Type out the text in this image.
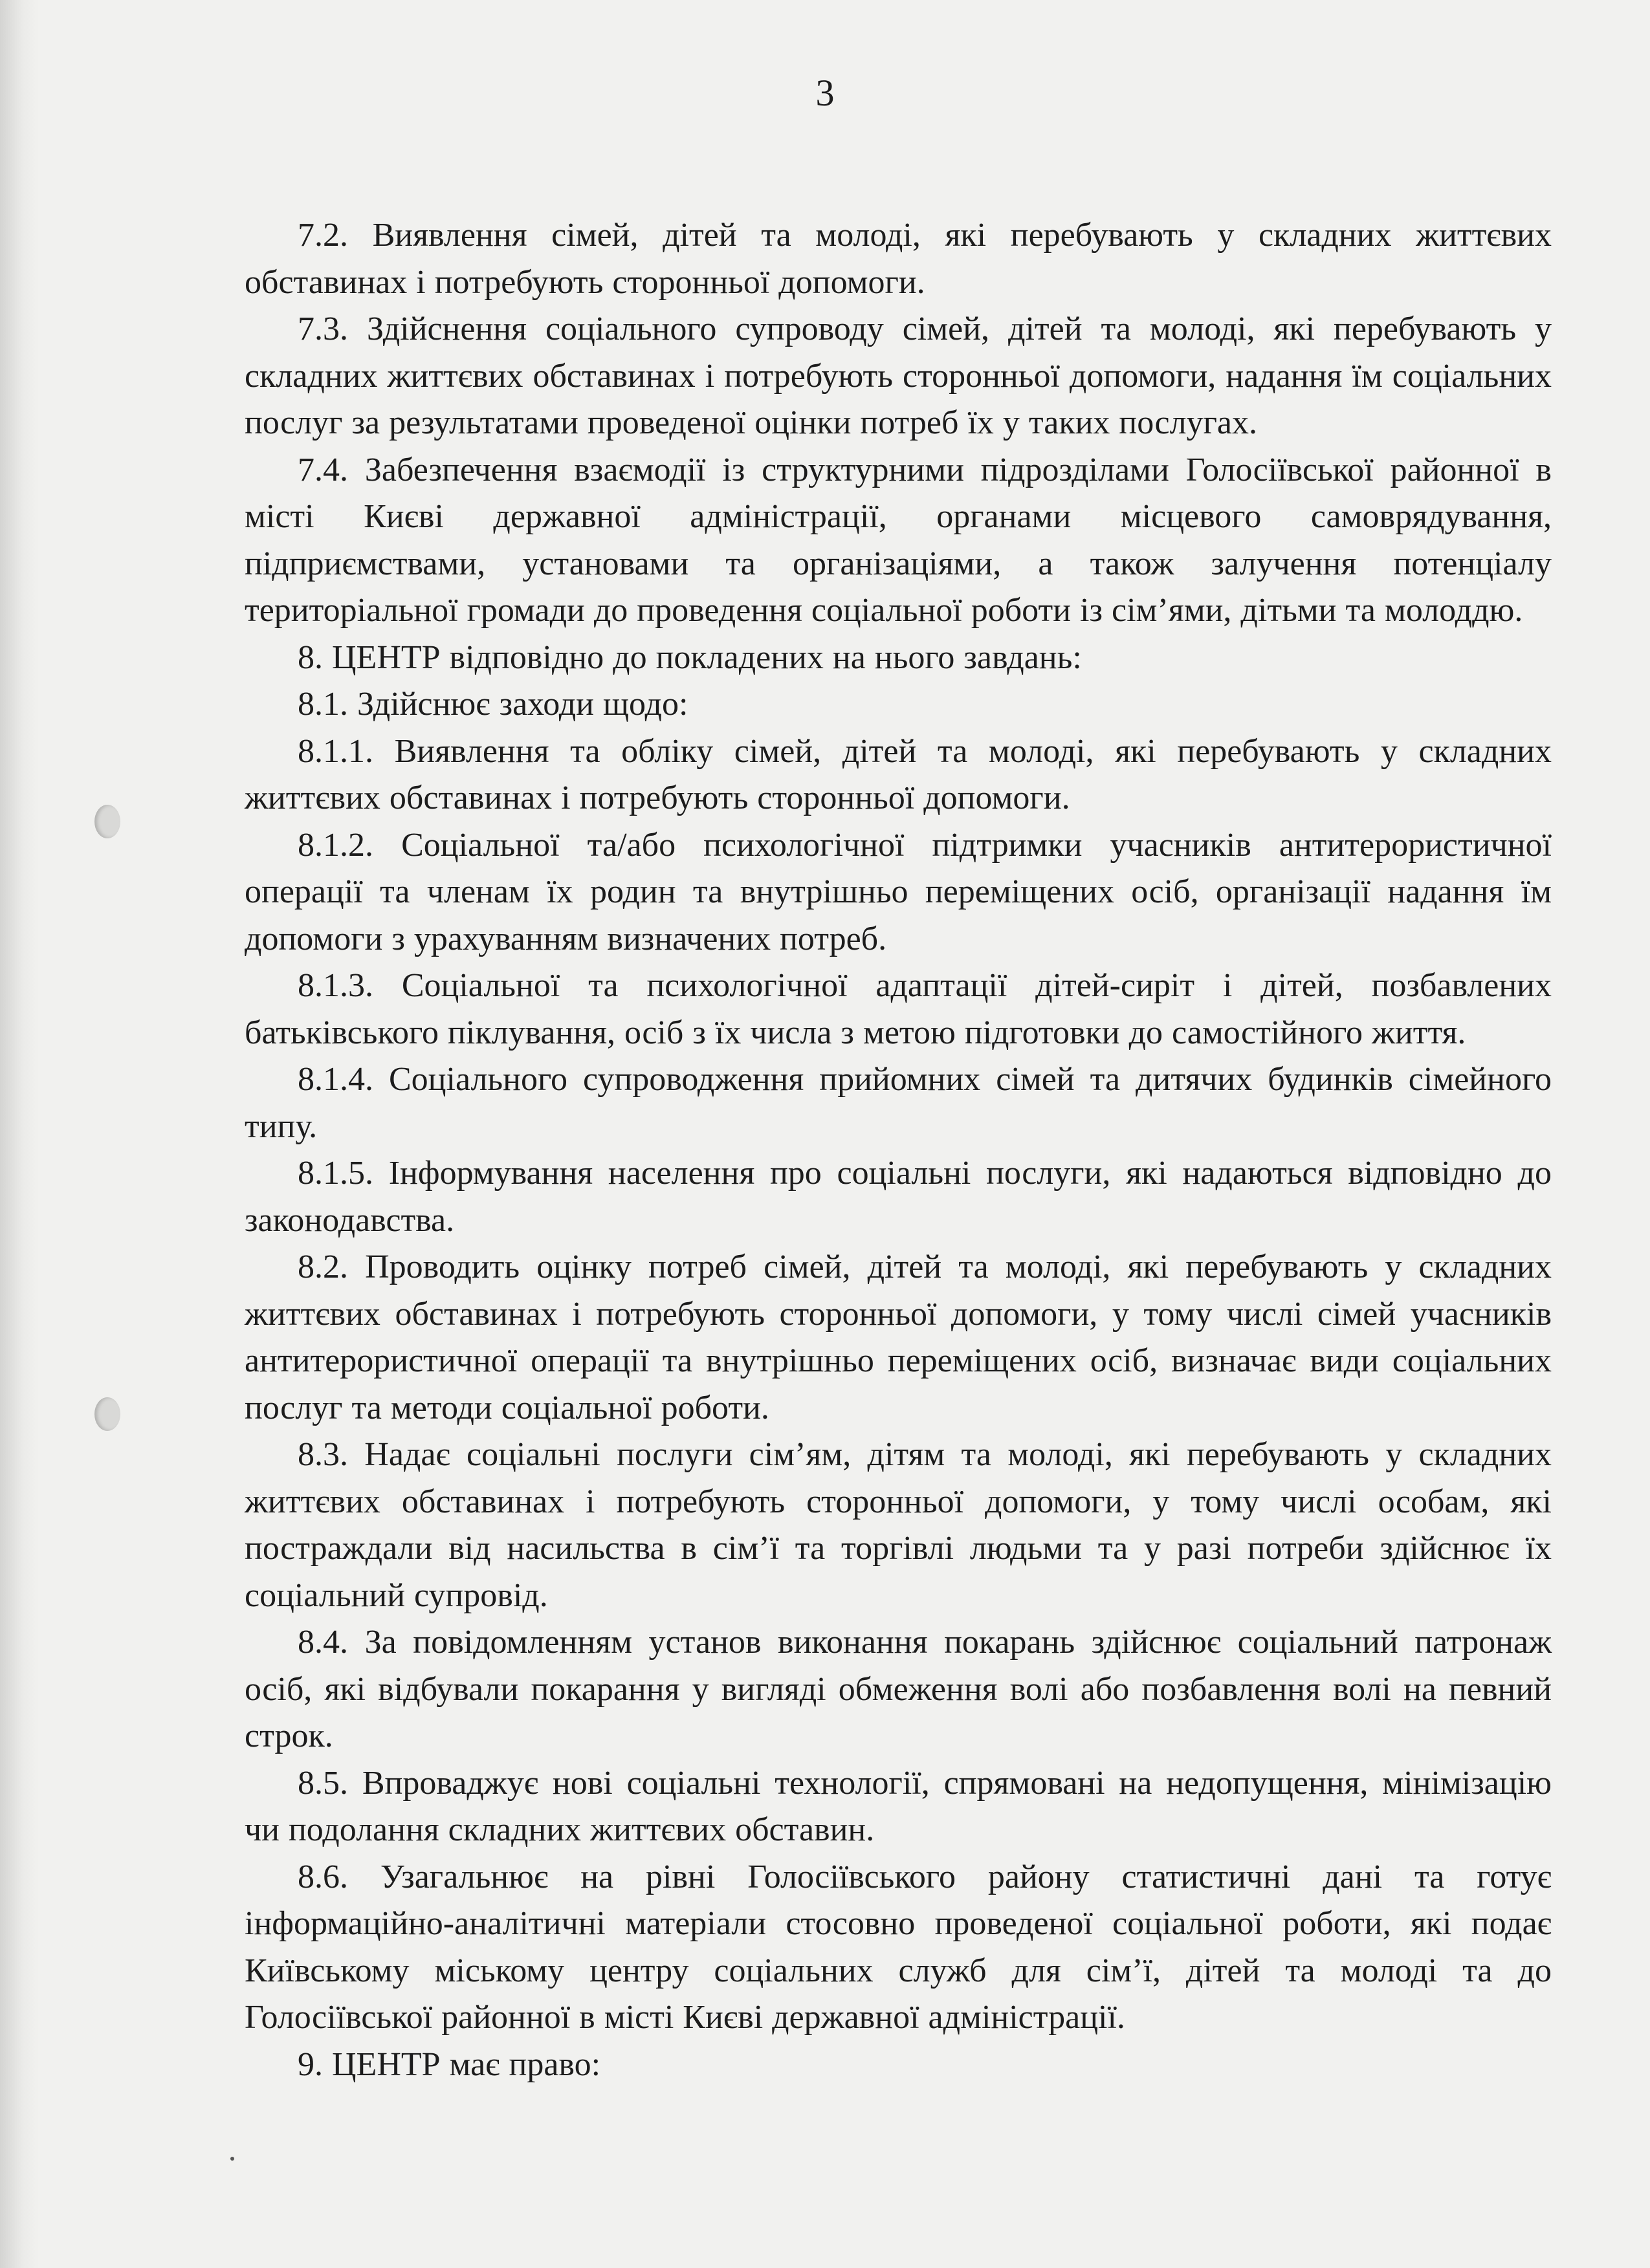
3

7.2. Виявлення сімей, дітей та молоді, які перебувають у складних життєвих обставинах і потребують сторонньої допомоги.

7.3. Здійснення соціального супроводу сімей, дітей та молоді, які перебувають у складних життєвих обставинах і потребують сторонньої допомоги, надання їм соціальних послуг за результатами проведеної оцінки потреб їх у таких послугах.

7.4. Забезпечення взаємодії із структурними підрозділами Голосіївської районної в місті Києві державної адміністрації, органами місцевого самоврядування, підприємствами, установами та організаціями, а також залучення потенціалу територіальної громади до проведення соціальної роботи із сім’ями, дітьми та молоддю.

8. ЦЕНТР відповідно до покладених на нього завдань:

8.1. Здійснює заходи щодо:

8.1.1. Виявлення та обліку сімей, дітей та молоді, які перебувають у складних життєвих обставинах і потребують сторонньої допомоги.

8.1.2. Соціальної та/або психологічної підтримки учасників антитерористичної операції та членам їх родин та внутрішньо переміщених осіб, організації надання їм допомоги з урахуванням визначених потреб.

8.1.3. Соціальної та психологічної адаптації дітей-сиріт і дітей, позбавлених батьківського піклування, осіб з їх числа з метою підготовки до самостійного життя.

8.1.4. Соціального супроводження прийомних сімей та дитячих будинків сімейного типу.

8.1.5. Інформування населення про соціальні послуги, які надаються відповідно до законодавства.

8.2. Проводить оцінку потреб сімей, дітей та молоді, які перебувають у складних життєвих обставинах і потребують сторонньої допомоги, у тому числі сімей учасників антитерористичної операції та внутрішньо переміщених осіб, визначає види соціальних послуг та методи соціальної роботи.

8.3. Надає соціальні послуги сім’ям, дітям та молоді, які перебувають у складних життєвих обставинах і потребують сторонньої допомоги, у тому числі особам, які постраждали від насильства в сім’ї та торгівлі людьми та у разі потреби здійснює їх соціальний супровід.

8.4. За повідомленням установ виконання покарань здійснює соціальний патронаж осіб, які відбували покарання у вигляді обмеження волі або позбавлення волі на певний строк.

8.5. Впроваджує нові соціальні технології, спрямовані на недопущення, мінімізацію чи подолання складних життєвих обставин.

8.6. Узагальнює на рівні Голосіївського району статистичні дані та готує інформаційно-аналітичні матеріали стосовно проведеної соціальної роботи, які подає Київському міському центру соціальних служб для сім’ї, дітей та молоді та до Голосіївської районної в місті Києві державної адміністрації.

9. ЦЕНТР має право:
